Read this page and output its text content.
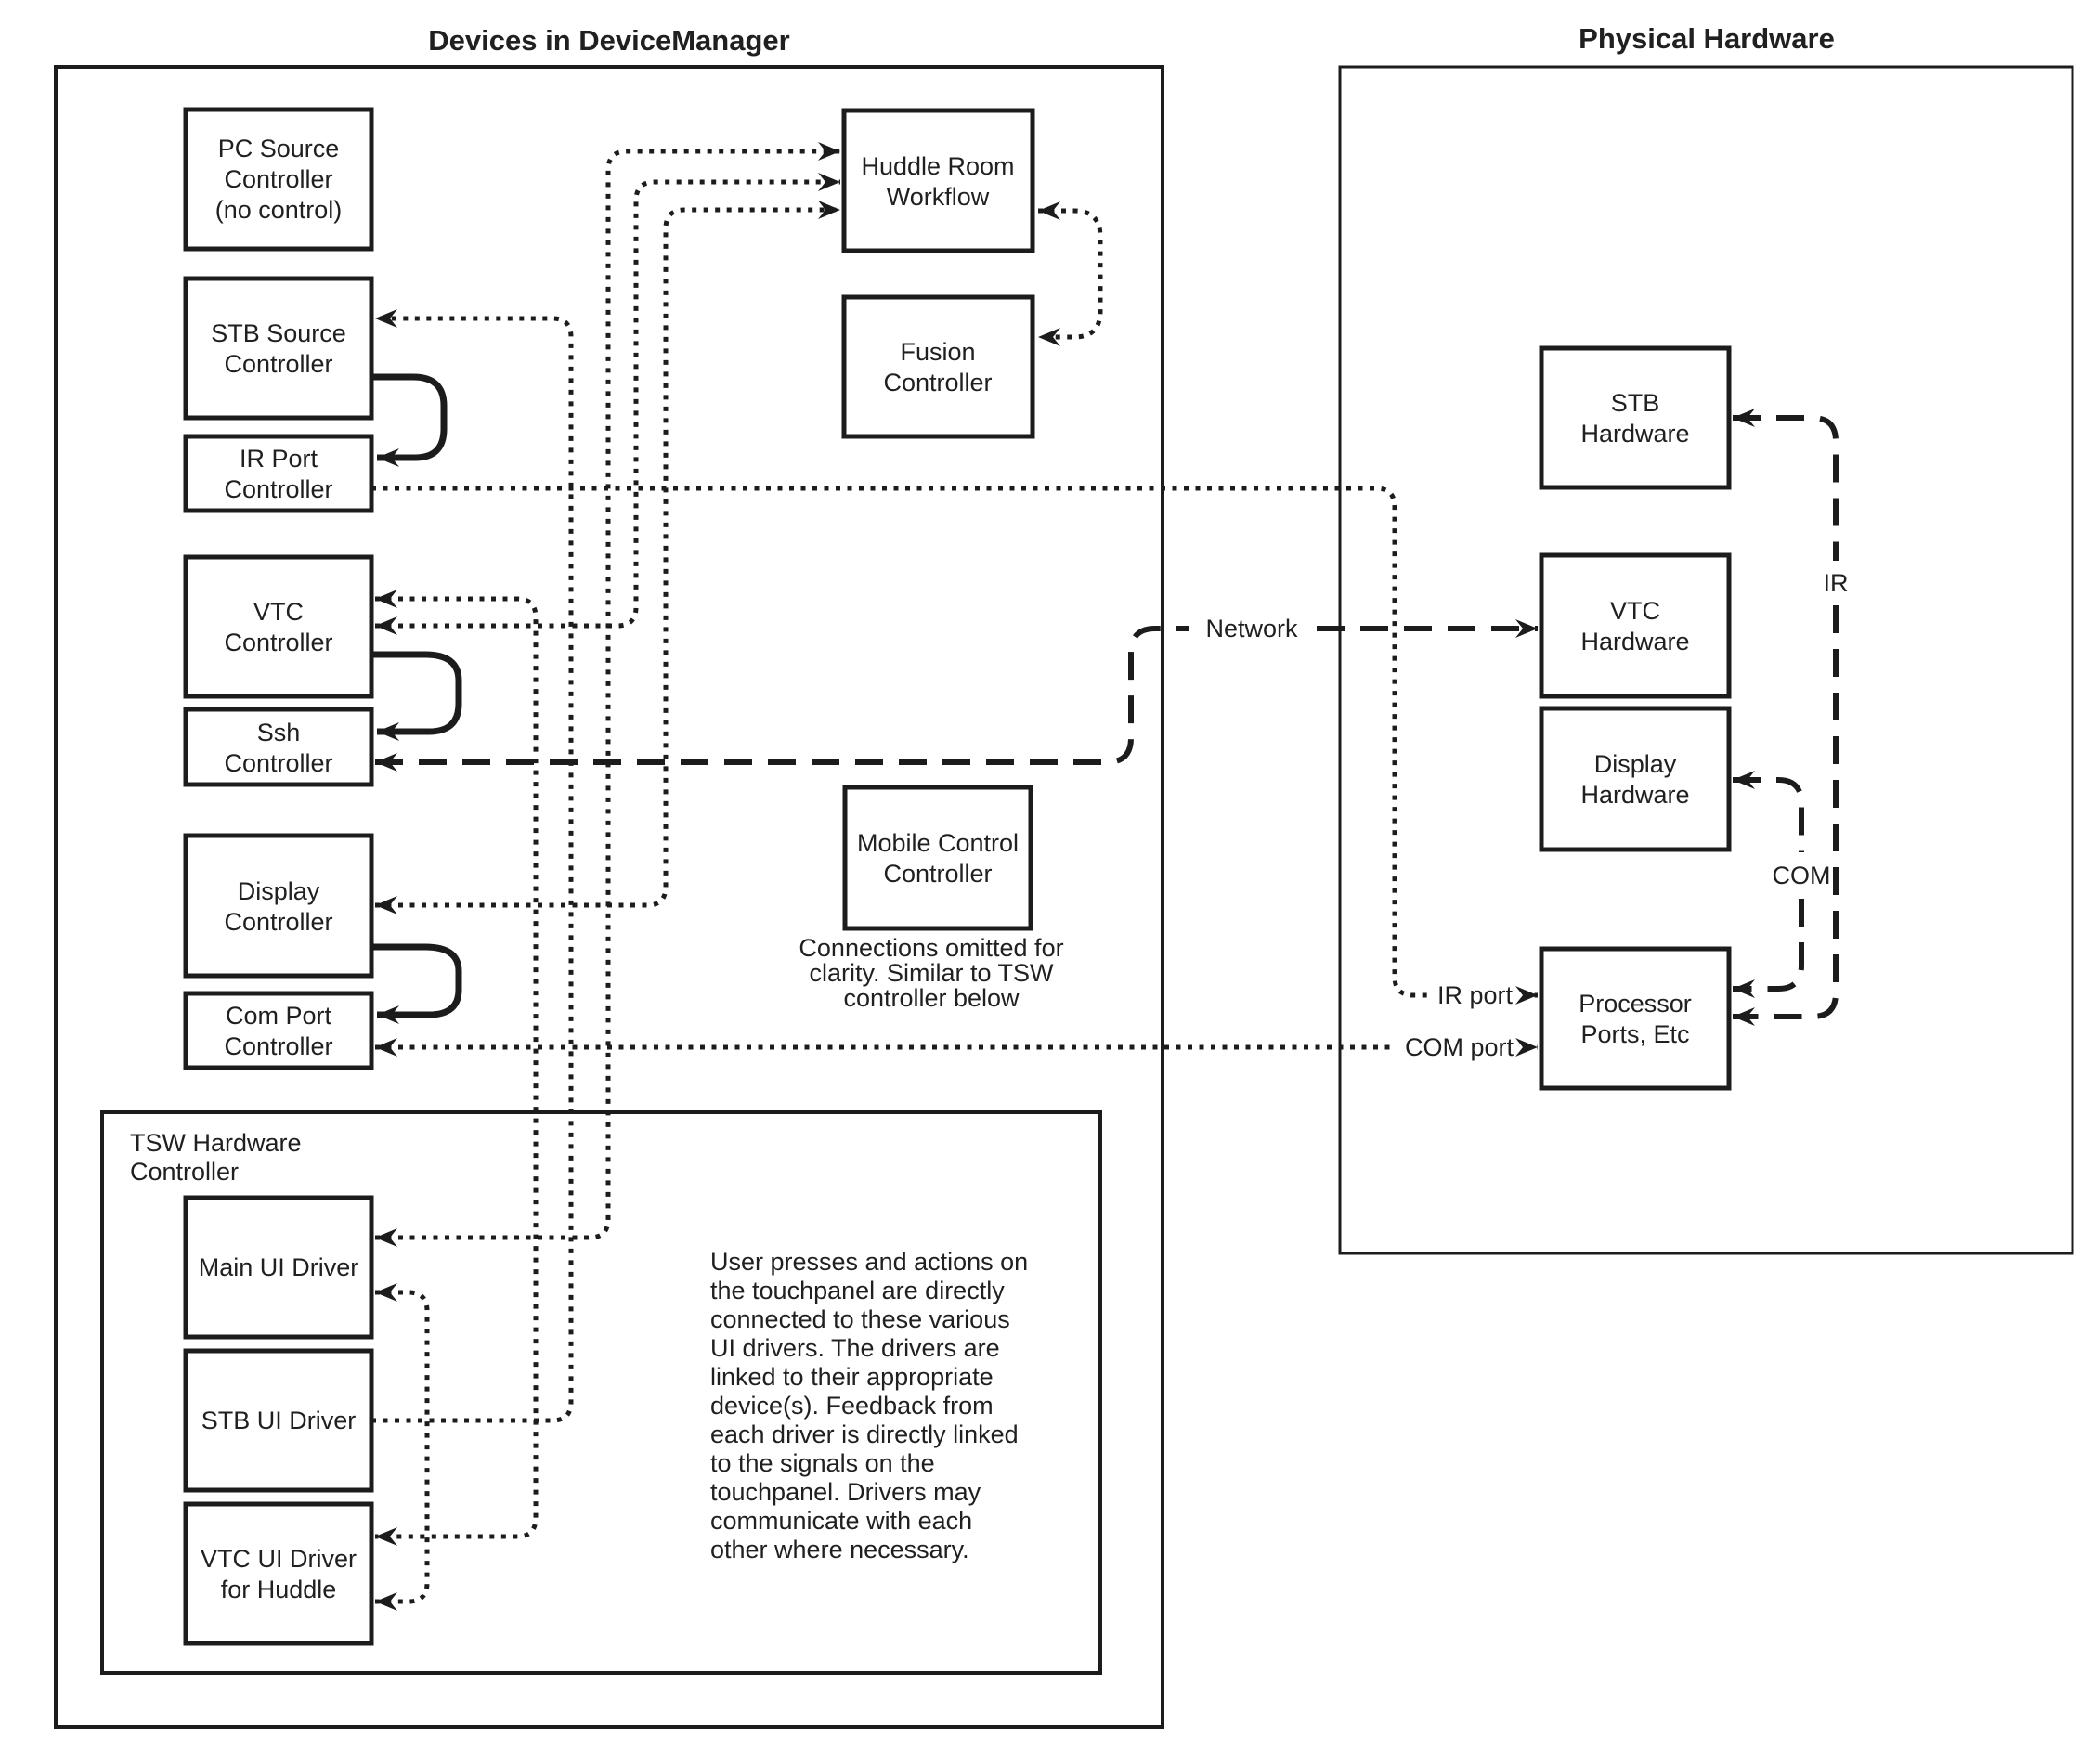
Devices in DeviceManager	Physical Hardware
PC Source
Controller
(no control)
STB Source
Controller
IR Port
Controller
VTC
Controller
Ssh
Controller
Display
Controller
Com Port
Controller
Huddle Room
Workflow
Fusion
Controller
Mobile Control
Controller
Connections omitted for
clarity. Similar to TSW
controller below
TSW Hardware
Controller
Main UI Driver
STB UI Driver
VTC UI Driver
for Huddle
User presses and actions on
the touchpanel are directly
connected to these various
UI drivers. The drivers are
linked to their appropriate
device(s). Feedback from
each driver is directly linked
to the signals on the
touchpanel. Drivers may
communicate with each
other where necessary.
STB
Hardware
VTC
Hardware
Display
Hardware
Processor
Ports, Etc
Network
IR
COM
IR port
COM port
